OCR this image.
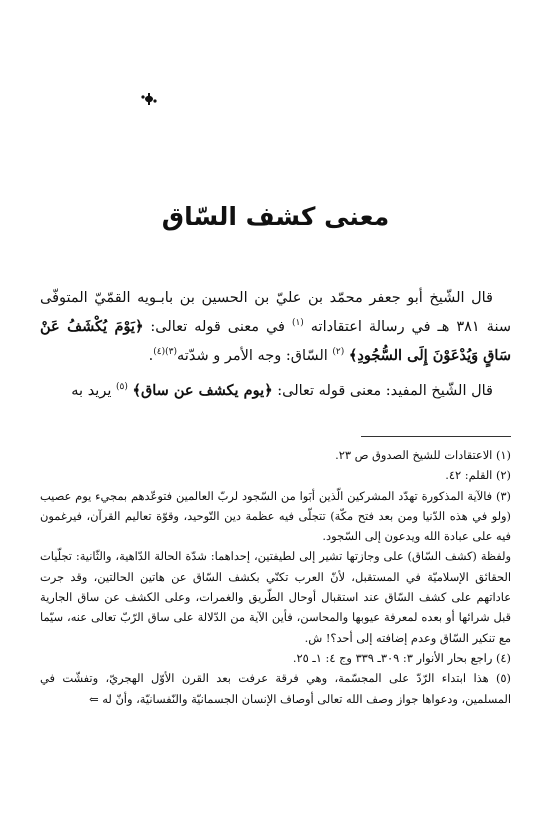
معنى كشف السّاق

قال الشّيخ أبو جعفر محمّد بن عليّ بن الحسين بن بابـويه القمّيّ المتوفّى سنة ٣٨١ هـ في رسالة اعتقاداته $^{(١)}$ في معنى قوله تعالى: ﴿يَوْمَ يُكْشَفُ عَنْ سَاقٍ وَيُدْعَوْنَ إِلَى السُّجُودِ﴾ $^{(٢)}$ السّاق: وجه الأمر و شدّته$^{(٣)(٤)}$.

قال الشّيخ المفيد: معنى قوله تعالى: ﴿يوم يكشف عن ساق﴾ $^{(٥)}$ يريد به

(١) الاعتقادات للشيخ الصدوق ص ٢٣.

(٢) القلم: ٤٢.

(٣) فالآية المذكورة تهدّد المشركين الّذين أبَوا من السّجود لربّ العالمين فتوعّدهم بمجيء يوم عصيب (ولو في هذه الدّنيا ومن بعد فتح مكّة) تتجلّى فيه عظمة دين التّوحيد، وقوّة تعاليم القرآن، فيرغمون فيه على عبادة الله ويدعون إلى السّجود.

ولفظة (كشف السّاق) على وجازتها تشير إلى لطيفتين، إحداهما: شدّة الحالة الدّاهية، والثّانية: تجلّيات الحقائق الإسلاميّة في المستقبل، لأنّ العرب تكنّي بكشف السّاق عن هاتين الحالتين، وقد جرت عاداتهم على كشف السّاق عند استقبال أوحال الطّريق والغمرات، وعلى الكشف عن ساق الجارية قبل شرائها أو بعده لمعرفة عيوبها والمحاسن، فأين الآية من الدّلالة على ساق الرّبّ تعالى عنه، سيّما مع تنكير السّاق وعدم إضافته إلى أحد؟! ش.

(٤) راجع بحار الأنوار ٣: ٣٠٩ـ ٣٣٩ وج ٤: ١ـ ٢٥.

(٥) هذا ابتداء الرّدّ على المجسّمة، وهي فرقة عرفت بعد القرن الأوّل الهجريّ، وتفشّت في المسلمين، ودعواها جواز وصف الله تعالى أوصاف الإنسان الجسمانيّة والنّفسانيّة، وأنّ له ⇐
